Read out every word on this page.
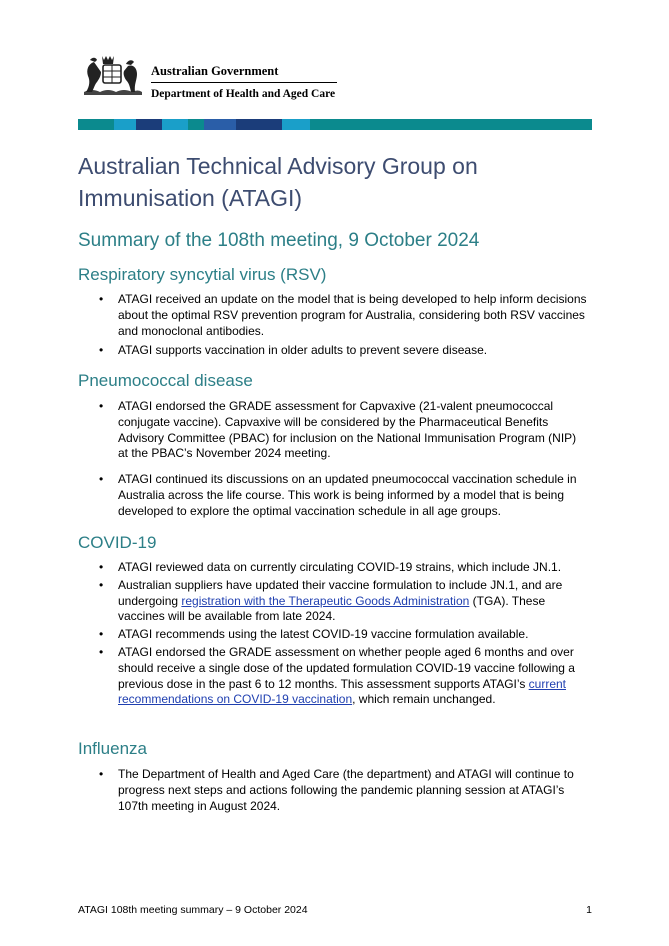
Australian Government
Department of Health and Aged Care
Australian Technical Advisory Group on Immunisation (ATAGI)
Summary of the 108th meeting, 9 October 2024
Respiratory syncytial virus (RSV)
• ATAGI received an update on the model that is being developed to help inform decisions about the optimal RSV prevention program for Australia, considering both RSV vaccines and monoclonal antibodies.
• ATAGI supports vaccination in older adults to prevent severe disease.
Pneumococcal disease
• ATAGI endorsed the GRADE assessment for Capvaxive (21-valent pneumococcal conjugate vaccine). Capvaxive will be considered by the Pharmaceutical Benefits Advisory Committee (PBAC) for inclusion on the National Immunisation Program (NIP) at the PBAC’s November 2024 meeting.
• ATAGI continued its discussions on an updated pneumococcal vaccination schedule in Australia across the life course. This work is being informed by a model that is being developed to explore the optimal vaccination schedule in all age groups.
COVID-19
• ATAGI reviewed data on currently circulating COVID-19 strains, which include JN.1.
• Australian suppliers have updated their vaccine formulation to include JN.1, and are undergoing registration with the Therapeutic Goods Administration (TGA). These vaccines will be available from late 2024.
• ATAGI recommends using the latest COVID-19 vaccine formulation available.
• ATAGI endorsed the GRADE assessment on whether people aged 6 months and over should receive a single dose of the updated formulation COVID-19 vaccine following a previous dose in the past 6 to 12 months. This assessment supports ATAGI’s current recommendations on COVID-19 vaccination, which remain unchanged.
Influenza
• The Department of Health and Aged Care (the department) and ATAGI will continue to progress next steps and actions following the pandemic planning session at ATAGI’s 107th meeting in August 2024.
ATAGI 108th meeting summary – 9 October 2024	1
